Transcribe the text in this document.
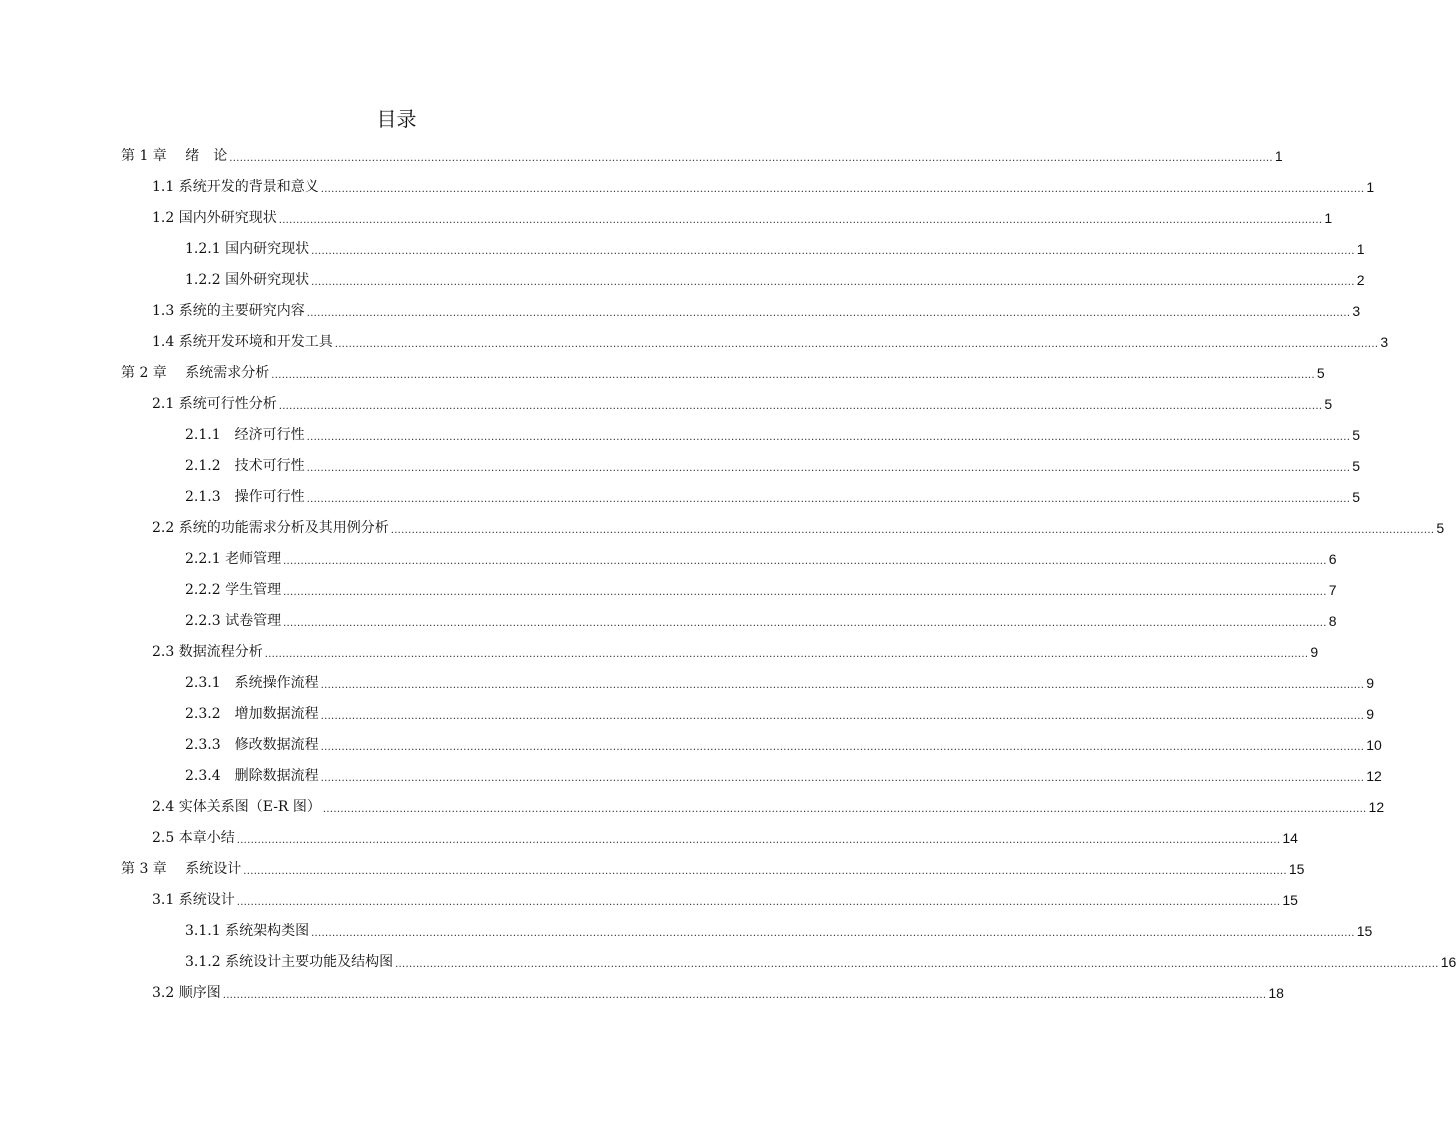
目录
第 1 章　 绪　论 ............................................................................................................................................................................................................................................................................................................ 1
1.1 系统开发的背景和意义 ............................................................................................................................................................................................................................................................................................................ 1
1.2 国内外研究现状 ............................................................................................................................................................................................................................................................................................................ 1
1.2.1 国内研究现状 ............................................................................................................................................................................................................................................................................................................ 1
1.2.2 国外研究现状 ............................................................................................................................................................................................................................................................................................................ 2
1.3 系统的主要研究内容 ............................................................................................................................................................................................................................................................................................................ 3
1.4 系统开发环境和开发工具 ............................................................................................................................................................................................................................................................................................................ 3
第 2 章　 系统需求分析 ............................................................................................................................................................................................................................................................................................................ 5
2.1 系统可行性分析 ............................................................................................................................................................................................................................................................................................................ 5
2.1.1　经济可行性 ............................................................................................................................................................................................................................................................................................................ 5
2.1.2　技术可行性 ............................................................................................................................................................................................................................................................................................................ 5
2.1.3　操作可行性 ............................................................................................................................................................................................................................................................................................................ 5
2.2 系统的功能需求分析及其用例分析 ............................................................................................................................................................................................................................................................................................................ 5
2.2.1 老师管理 ............................................................................................................................................................................................................................................................................................................ 6
2.2.2 学生管理 ............................................................................................................................................................................................................................................................................................................ 7
2.2.3 试卷管理 ............................................................................................................................................................................................................................................................................................................ 8
2.3 数据流程分析 ............................................................................................................................................................................................................................................................................................................ 9
2.3.1　系统操作流程 ............................................................................................................................................................................................................................................................................................................ 9
2.3.2　增加数据流程 ............................................................................................................................................................................................................................................................................................................ 9
2.3.3　修改数据流程 ............................................................................................................................................................................................................................................................................................................ 10
2.3.4　删除数据流程 ............................................................................................................................................................................................................................................................................................................ 12
2.4 实体关系图（E-R 图） ............................................................................................................................................................................................................................................................................................................ 12
2.5 本章小结 ............................................................................................................................................................................................................................................................................................................ 14
第 3 章　 系统设计 ............................................................................................................................................................................................................................................................................................................ 15
3.1 系统设计 ............................................................................................................................................................................................................................................................................................................ 15
3.1.1 系统架构类图 ............................................................................................................................................................................................................................................................................................................ 15
3.1.2 系统设计主要功能及结构图 ............................................................................................................................................................................................................................................................................................................ 16
3.2 顺序图 ............................................................................................................................................................................................................................................................................................................ 18
